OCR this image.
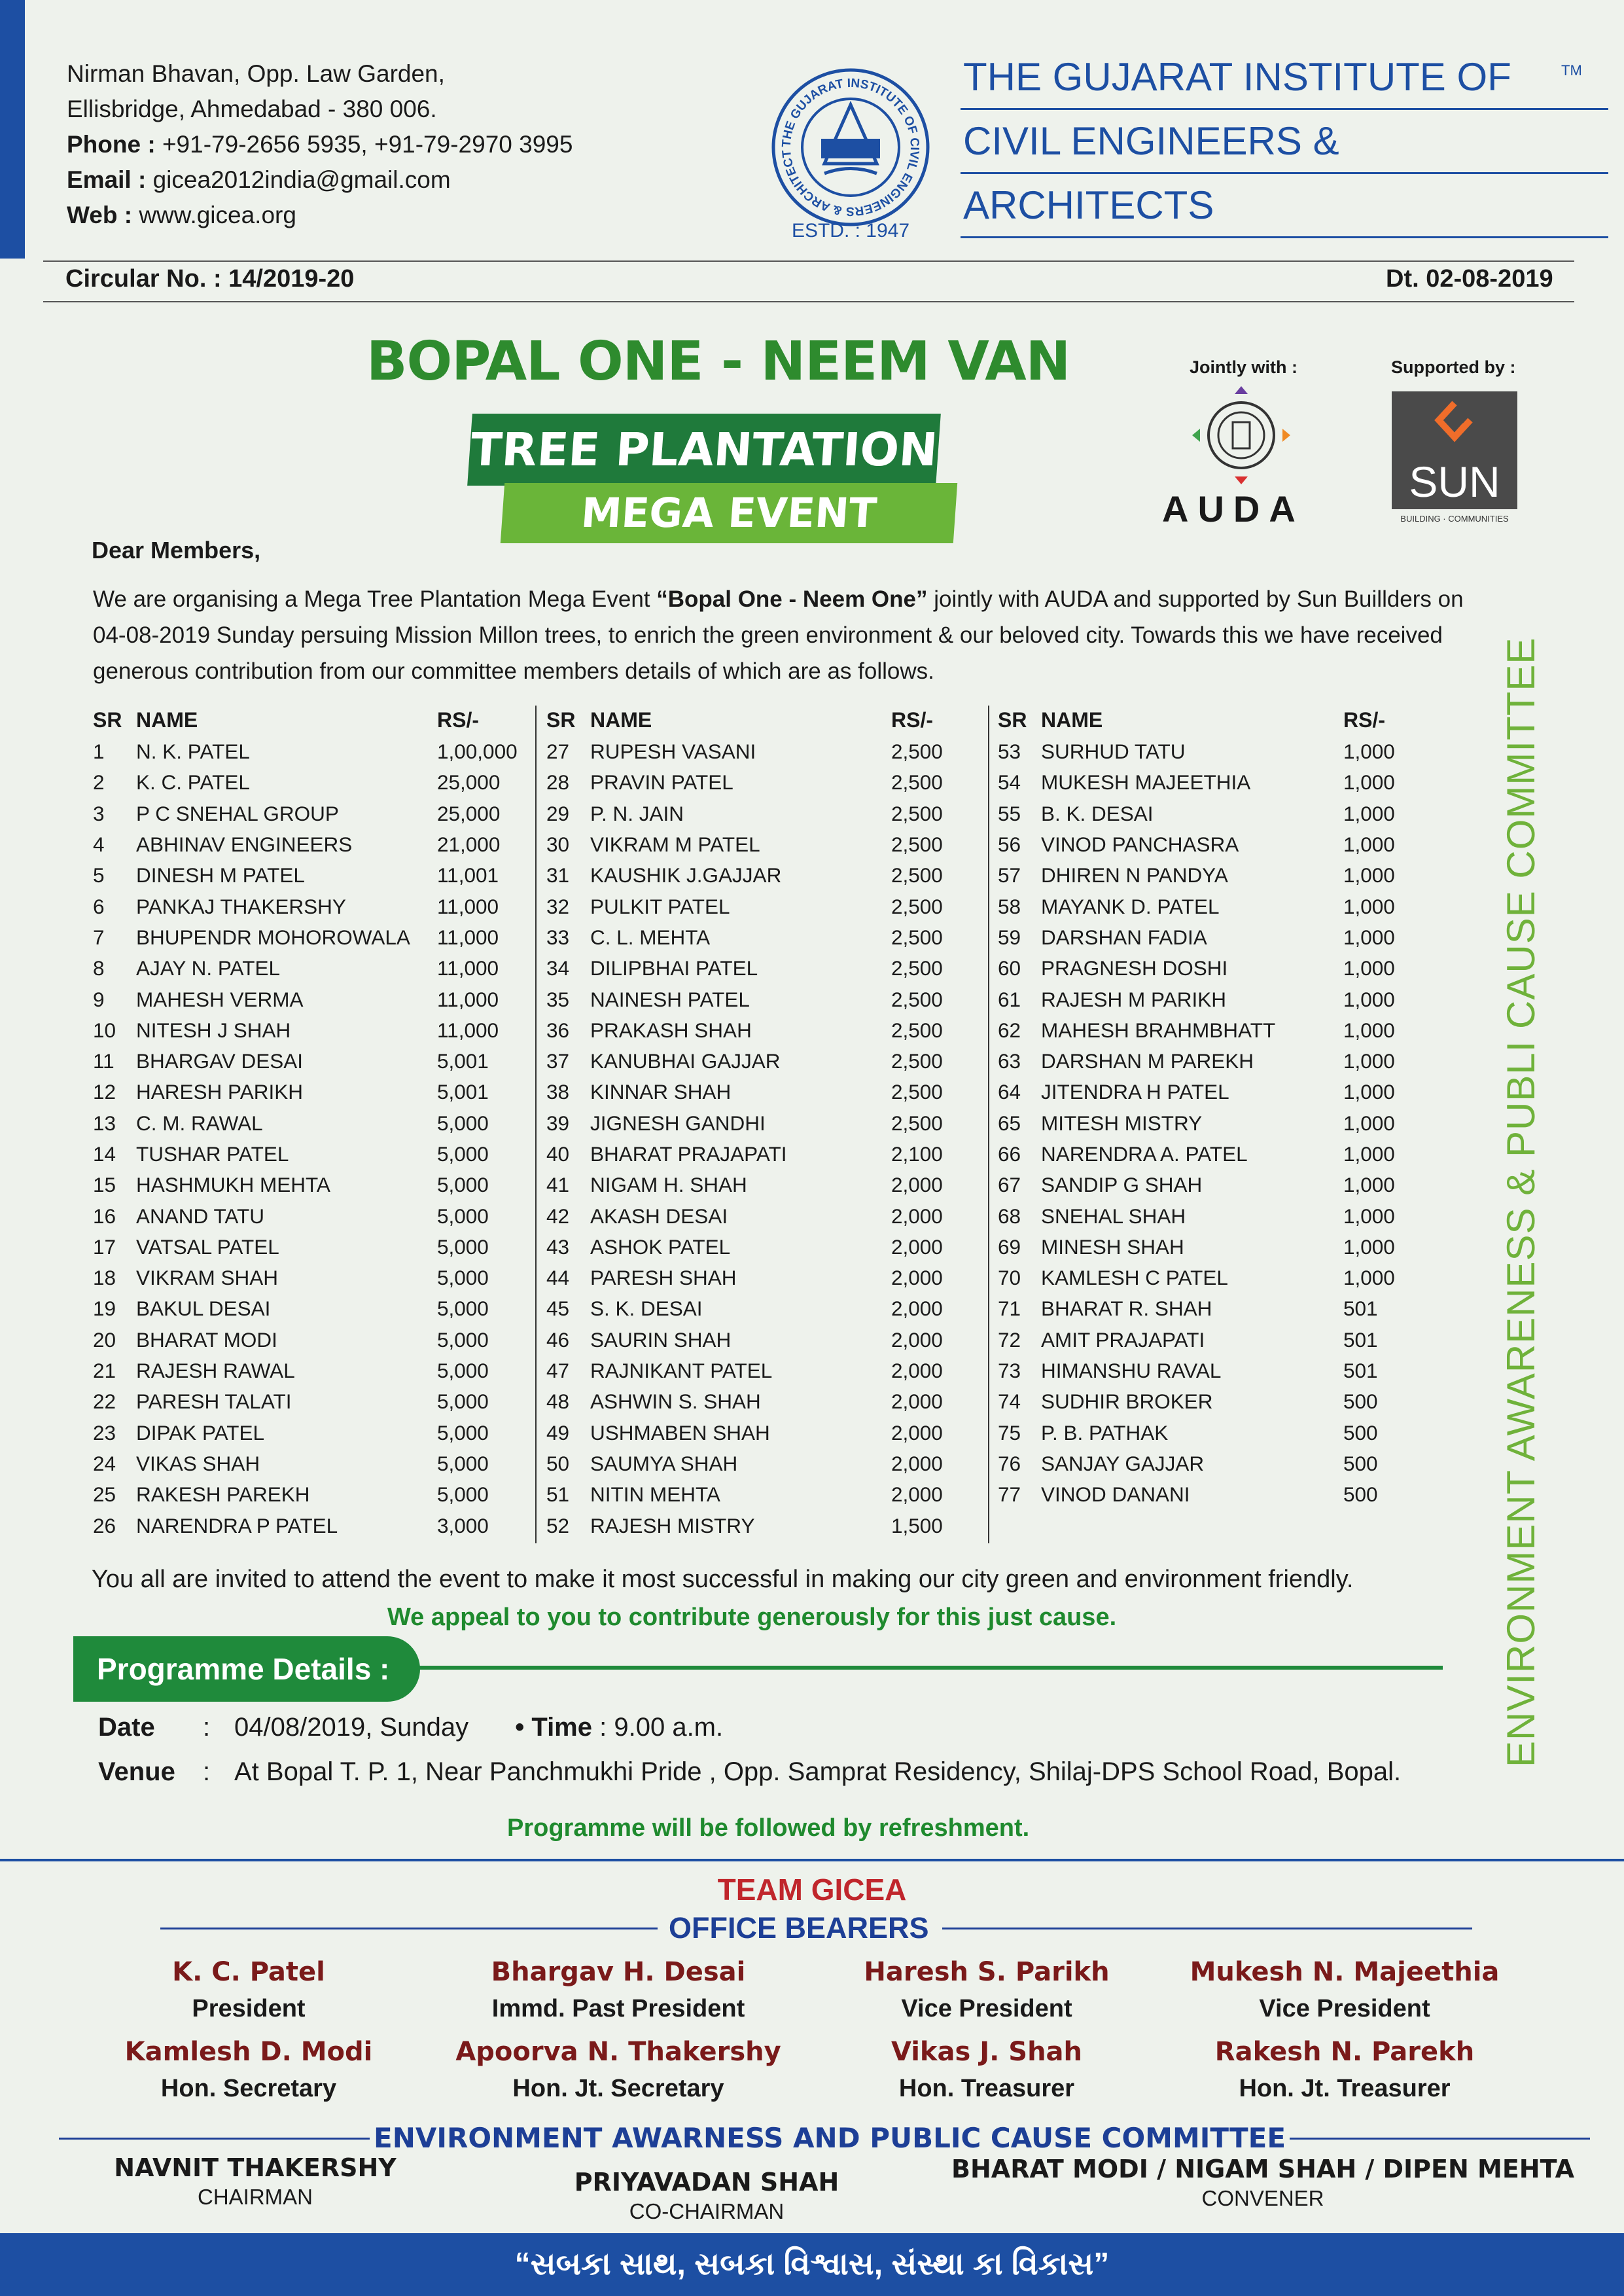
Nirman Bhavan, Opp. Law Garden,
Ellisbridge, Ahmedabad - 380 006.
Phone : +91-79-2656 5935, +91-79-2970 3995
Email : gicea2012india@gmail.com
Web : www.gicea.org
THE GUJARAT INSTITUTE OF CIVIL ENGINEERS & ARCHITECT
ESTD. : 1947
THE GUJARAT INSTITUTE OF	TM
CIVIL ENGINEERS &
ARCHITECTS
Circular No. : 14/2019-20	Dt. 02-08-2019
BOPAL ONE - NEEM VAN
TREE PLANTATION
MEGA EVENT
Jointly with :
AUDA
Supported by :
SUN
BUILDING · COMMUNITIES
Dear Members,
We are organising a Mega Tree Plantation Mega Event “Bopal One - Neem One” jointly with AUDA and supported by Sun Buillders on
04-08-2019 Sunday persuing Mission Millon trees, to enrich the green environment & our beloved city. Towards this we have received
generous contribution from our committee members details of which are as follows.
SR	NAME	RS/-
1	N. K. PATEL	1,00,000
2	K. C. PATEL	25,000
3	P C SNEHAL GROUP	25,000
4	ABHINAV ENGINEERS	21,000
5	DINESH M PATEL	11,001
6	PANKAJ THAKERSHY	11,000
7	BHUPENDR MOHOROWALA	11,000
8	AJAY N. PATEL	11,000
9	MAHESH VERMA	11,000
10	NITESH J SHAH	11,000
11	BHARGAV DESAI	5,001
12	HARESH PARIKH	5,001
13	C. M. RAWAL	5,000
14	TUSHAR PATEL	5,000
15	HASHMUKH MEHTA	5,000
16	ANAND TATU	5,000
17	VATSAL PATEL	5,000
18	VIKRAM SHAH	5,000
19	BAKUL DESAI	5,000
20	BHARAT MODI	5,000
21	RAJESH RAWAL	5,000
22	PARESH TALATI	5,000
23	DIPAK PATEL	5,000
24	VIKAS SHAH	5,000
25	RAKESH PAREKH	5,000
26	NARENDRA P PATEL	3,000
SR	NAME	RS/-
27	RUPESH VASANI	2,500
28	PRAVIN PATEL	2,500
29	P. N. JAIN	2,500
30	VIKRAM M PATEL	2,500
31	KAUSHIK J.GAJJAR	2,500
32	PULKIT PATEL	2,500
33	C. L. MEHTA	2,500
34	DILIPBHAI PATEL	2,500
35	NAINESH PATEL	2,500
36	PRAKASH SHAH	2,500
37	KANUBHAI GAJJAR	2,500
38	KINNAR SHAH	2,500
39	JIGNESH GANDHI	2,500
40	BHARAT PRAJAPATI	2,100
41	NIGAM H. SHAH	2,000
42	AKASH DESAI	2,000
43	ASHOK PATEL	2,000
44	PARESH SHAH	2,000
45	S. K. DESAI	2,000
46	SAURIN SHAH	2,000
47	RAJNIKANT PATEL	2,000
48	ASHWIN S. SHAH	2,000
49	USHMABEN SHAH	2,000
50	SAUMYA SHAH	2,000
51	NITIN MEHTA	2,000
52	RAJESH MISTRY	1,500
SR	NAME	RS/-
53	SURHUD TATU	1,000
54	MUKESH MAJEETHIA	1,000
55	B. K. DESAI	1,000
56	VINOD PANCHASRA	1,000
57	DHIREN N PANDYA	1,000
58	MAYANK D. PATEL	1,000
59	DARSHAN FADIA	1,000
60	PRAGNESH DOSHI	1,000
61	RAJESH M PARIKH	1,000
62	MAHESH BRAHMBHATT	1,000
63	DARSHAN M PAREKH	1,000
64	JITENDRA H PATEL	1,000
65	MITESH MISTRY	1,000
66	NARENDRA A. PATEL	1,000
67	SANDIP G SHAH	1,000
68	SNEHAL SHAH	1,000
69	MINESH SHAH	1,000
70	KAMLESH C PATEL	1,000
71	BHARAT R. SHAH	501
72	AMIT PRAJAPATI	501
73	HIMANSHU RAVAL	501
74	SUDHIR BROKER	500
75	P. B. PATHAK	500
76	SANJAY GAJJAR	500
77	VINOD DANANI	500	ENVIRONMENT AWARENESS & PUBLI CAUSE COMMITTEE
You all are invited to attend the event to make it most successful in making our city green and environment friendly.
We appeal to you to contribute generously for this just cause.
Programme Details :
Date : 04/08/2019, Sunday • Time : 9.00 a.m.
Venue : At Bopal T. P. 1, Near Panchmukhi Pride , Opp. Samprat Residency, Shilaj-DPS School Road, Bopal.
Programme will be followed by refreshment.
TEAM GICEA
OFFICE BEARERS
K. C. Patel
President
Bhargav H. Desai
Immd. Past President
Haresh S. Parikh
Vice President
Mukesh N. Majeethia
Vice President
Kamlesh D. Modi
Hon. Secretary
Apoorva N. Thakershy
Hon. Jt. Secretary
Vikas J. Shah
Hon. Treasurer
Rakesh N. Parekh
Hon. Jt. Treasurer
ENVIRONMENT AWARNESS AND PUBLIC CAUSE COMMITTEE
NAVNIT THAKERSHY
CHAIRMAN
PRIYAVADAN SHAH
CO-CHAIRMAN
BHARAT MODI / NIGAM SHAH / DIPEN MEHTA
CONVENER
“સબકા સાથ, સબકા વિશ્વાસ, સંસ્થા કા વિકાસ”
